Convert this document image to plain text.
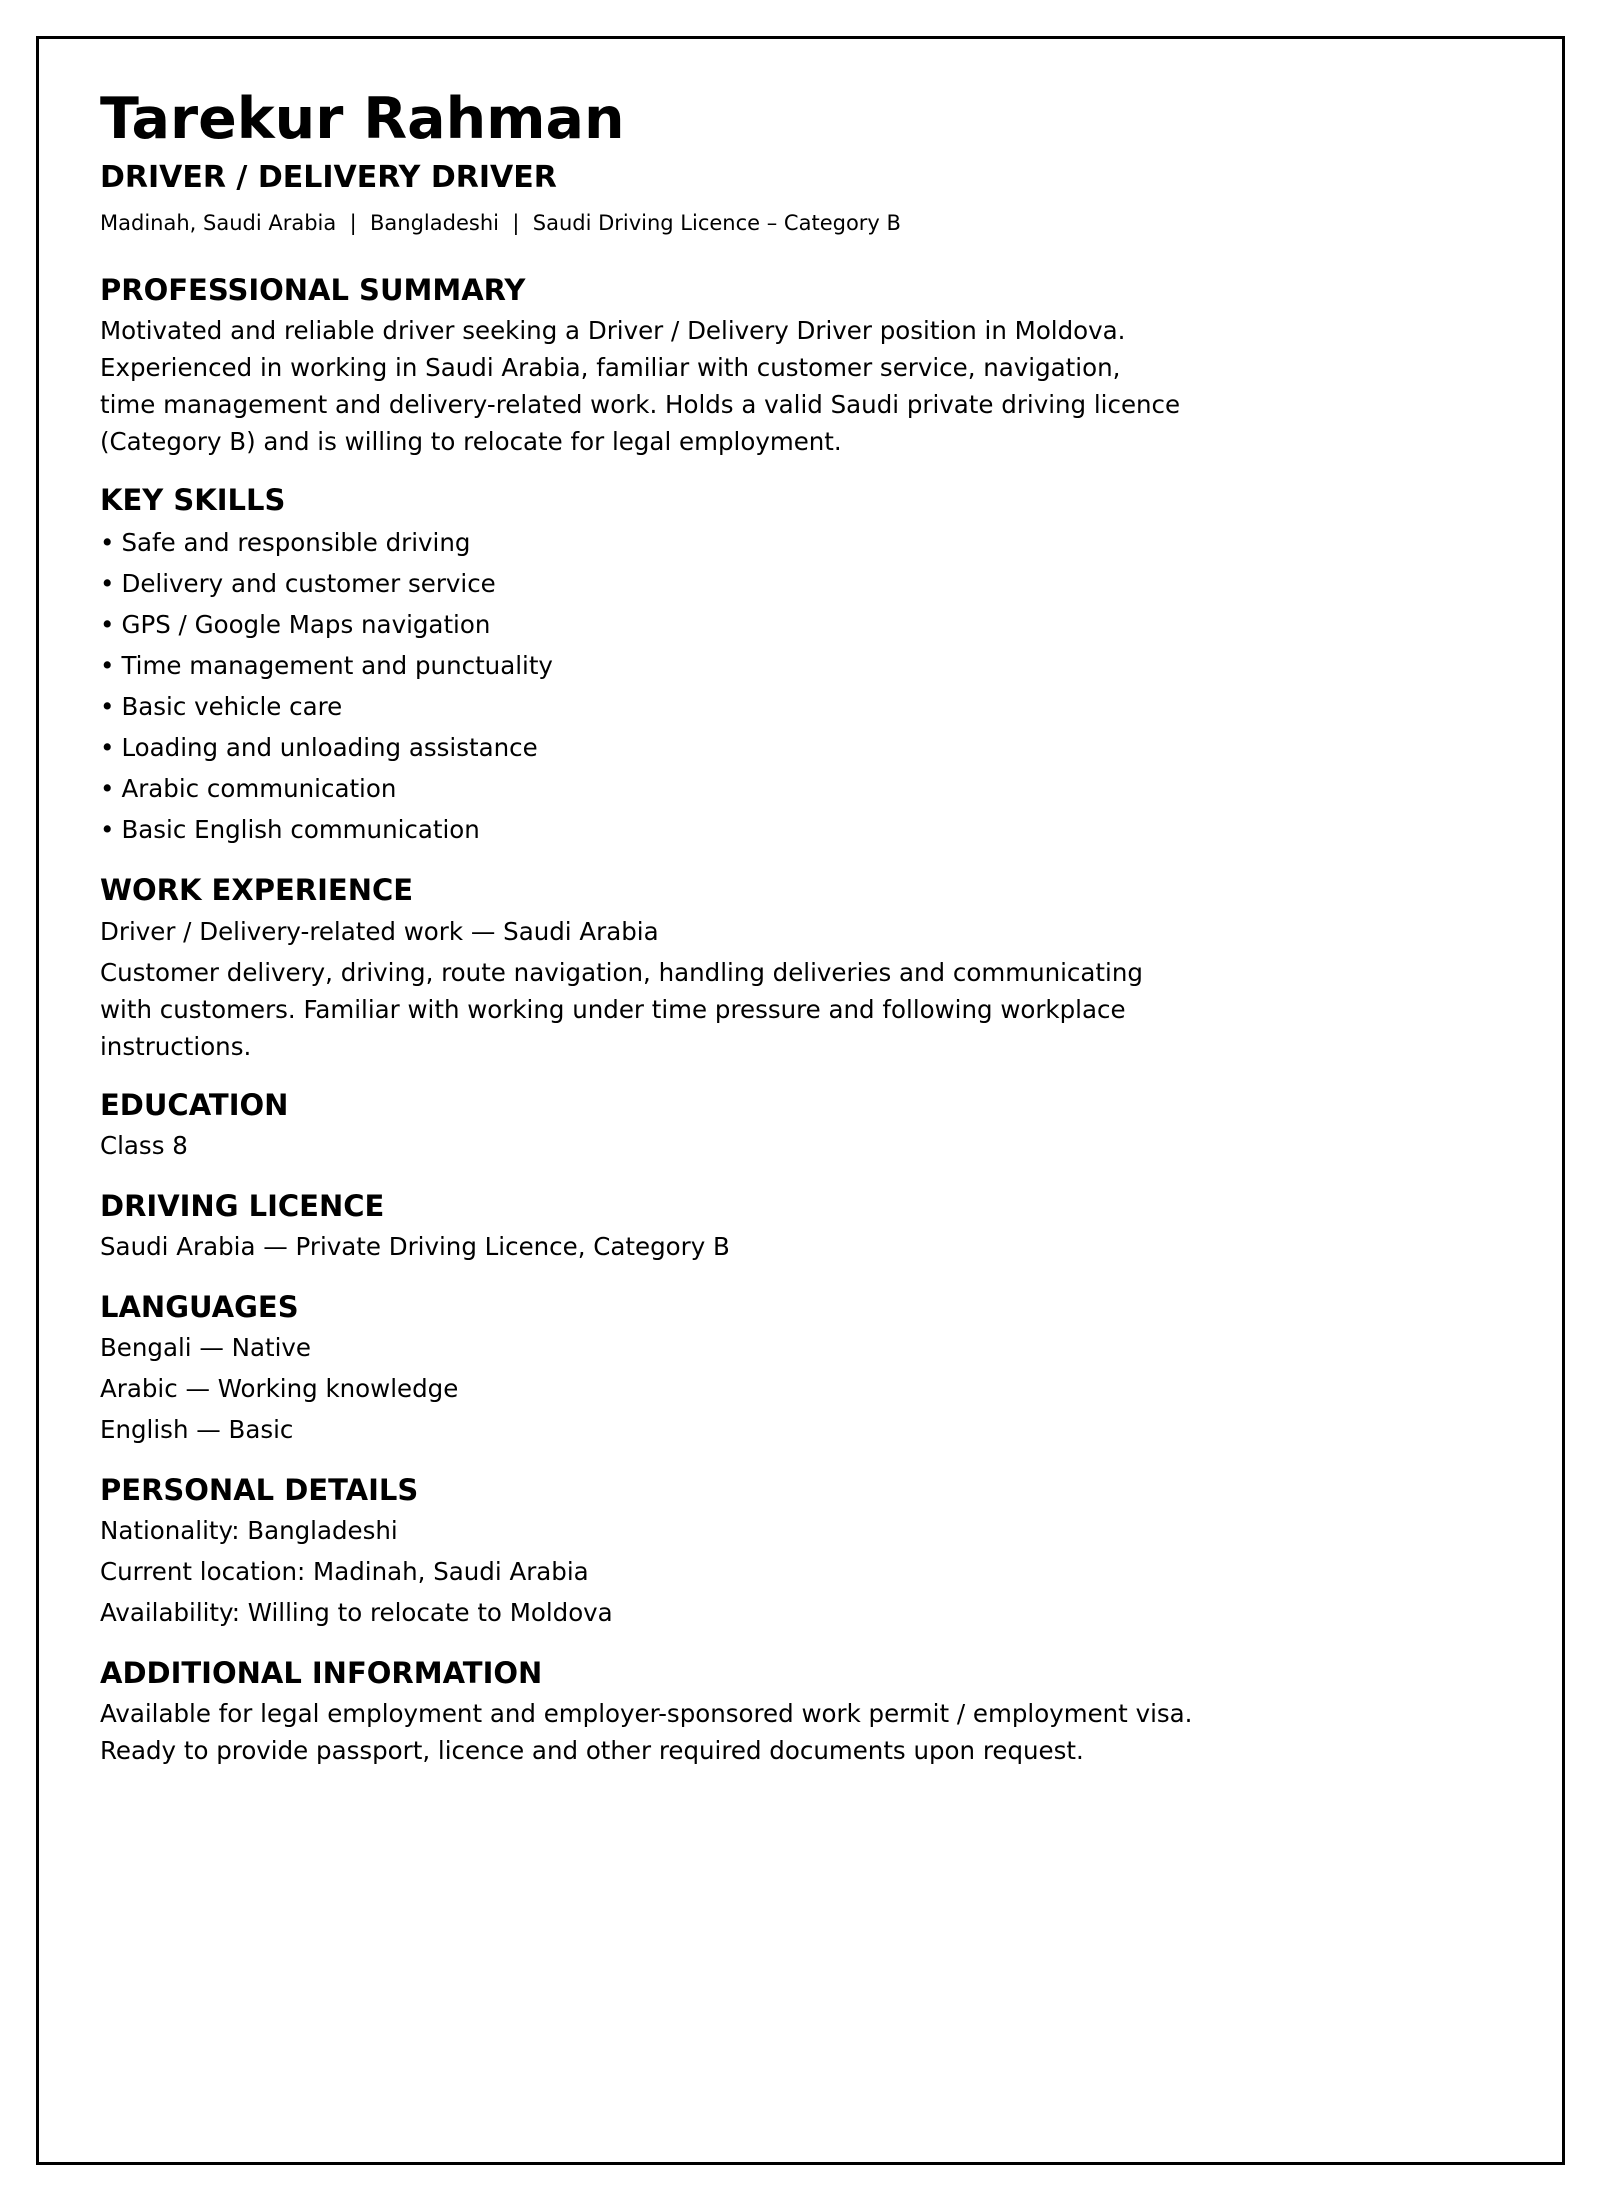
Tarekur Rahman
DRIVER / DELIVERY DRIVER
Madinah, Saudi Arabia  |  Bangladeshi  |  Saudi Driving Licence – Category B
PROFESSIONAL SUMMARY
Motivated and reliable driver seeking a Driver / Delivery Driver position in Moldova.
Experienced in working in Saudi Arabia, familiar with customer service, navigation,
time management and delivery-related work. Holds a valid Saudi private driving licence
(Category B) and is willing to relocate for legal employment.
KEY SKILLS
• Safe and responsible driving
• Delivery and customer service
• GPS / Google Maps navigation
• Time management and punctuality
• Basic vehicle care
• Loading and unloading assistance
• Arabic communication
• Basic English communication
WORK EXPERIENCE
Driver / Delivery-related work — Saudi Arabia
Customer delivery, driving, route navigation, handling deliveries and communicating
with customers. Familiar with working under time pressure and following workplace
instructions.
EDUCATION
Class 8
DRIVING LICENCE
Saudi Arabia — Private Driving Licence, Category B
LANGUAGES
Bengali — Native
Arabic — Working knowledge
English — Basic
PERSONAL DETAILS
Nationality: Bangladeshi
Current location: Madinah, Saudi Arabia
Availability: Willing to relocate to Moldova
ADDITIONAL INFORMATION
Available for legal employment and employer-sponsored work permit / employment visa.
Ready to provide passport, licence and other required documents upon request.
